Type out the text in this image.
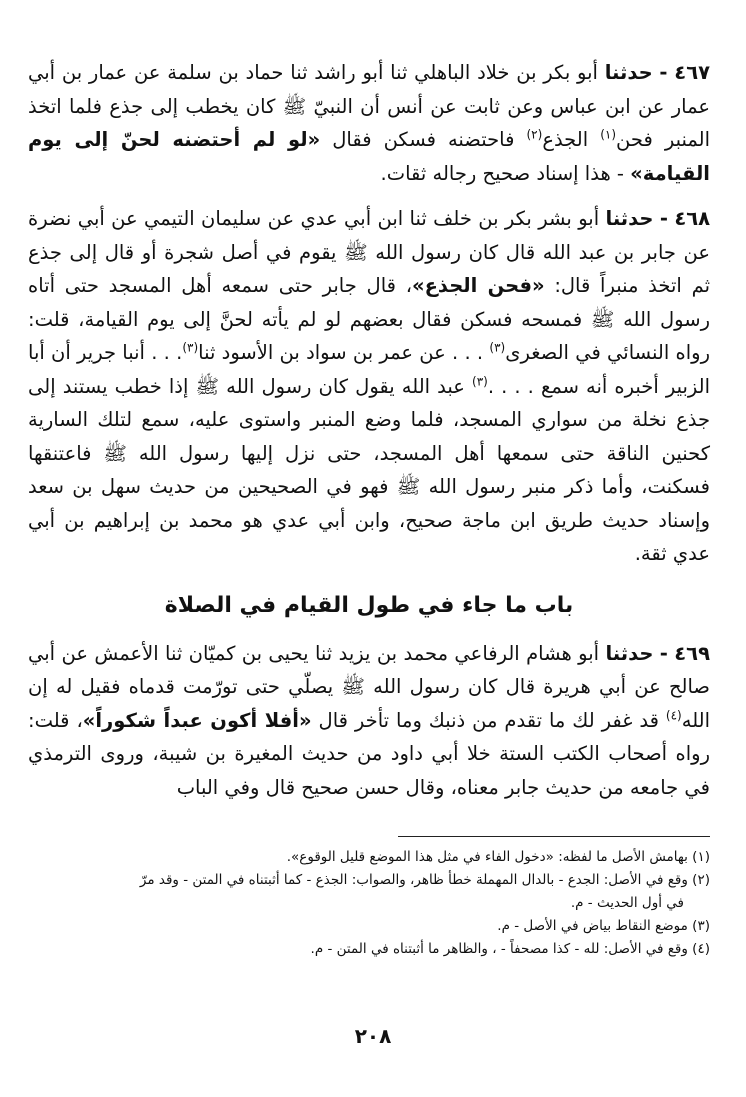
٤٦٧ - حدثنا أبو بكر بن خلاد الباهلي ثنا أبو راشد ثنا حماد بن سلمة عن عمار بن أبي عمار عن ابن عباس وعن ثابت عن أنس أن النبيّ ﷺ كان يخطب إلى جذع فلما اتخذ المنبر فحن$^{(١)}$ الجذع$^{(٢)}$ فاحتضنه فسكن فقال «لو لم أحتضنه لحنّ إلى يوم القيامة» - هذا إسناد صحيح رجاله ثقات.

٤٦٨ - حدثنا أبو بشر بكر بن خلف ثنا ابن أبي عدي عن سليمان التيمي عن أبي نضرة عن جابر بن عبد الله قال كان رسول الله ﷺ يقوم في أصل شجرة أو قال إلى جذع ثم اتخذ منبراً قال: «فحن الجذع»، قال جابر حتى سمعه أهل المسجد حتى أتاه رسول الله ﷺ فمسحه فسكن فقال بعضهم لو لم يأته لحنَّ إلى يوم القيامة، قلت: رواه النسائي في الصغرى$^{(٣)}$ . . . عن عمر بن سواد بن الأسود ثنا$^{(٣)}$. . . أنبا جرير أن أبا الزبير أخبره أنه سمع . . . .$^{(٣)}$ عبد الله يقول كان رسول الله ﷺ إذا خطب يستند إلى جذع نخلة من سواري المسجد، فلما وضع المنبر واستوى عليه، سمع لتلك السارية كحنين الناقة حتى سمعها أهل المسجد، حتى نزل إليها رسول الله ﷺ فاعتنقها فسكنت، وأما ذكر منبر رسول الله ﷺ فهو في الصحيحين من حديث سهل بن سعد وإسناد حديث طريق ابن ماجة صحيح، وابن أبي عدي هو محمد بن إبراهيم بن أبي عدي ثقة.

باب ما جاء في طول القيام في الصلاة

٤٦٩ - حدثنا أبو هشام الرفاعي محمد بن يزيد ثنا يحيى بن كميّان ثنا الأعمش عن أبي صالح عن أبي هريرة قال كان رسول الله ﷺ يصلّي حتى تورّمت قدماه فقيل له إن الله$^{(٤)}$ قد غفر لك ما تقدم من ذنبك وما تأخر قال «أفلا أكون عبداً شكوراً»، قلت: رواه أصحاب الكتب الستة خلا أبي داود من حديث المغيرة بن شيبة، وروى الترمذي في جامعه من حديث جابر معناه، وقال حسن صحيح قال وفي الباب

(١) بهامش الأصل ما لفظه: «دخول الفاء في مثل هذا الموضع قليل الوقوع».

(٢) وقع في الأصل: الجدع - بالدال المهملة خطأ ظاهر، والصواب: الجذع - كما أثبتناه في المتن - وقد مرّ

في أول الحديث - م.

(٣) موضع النقاط بياض في الأصل - م.

(٤) وقع في الأصل: لله - كذا مصحفاً - ، والظاهر ما أثبتناه في المتن - م.

٢٠٨
